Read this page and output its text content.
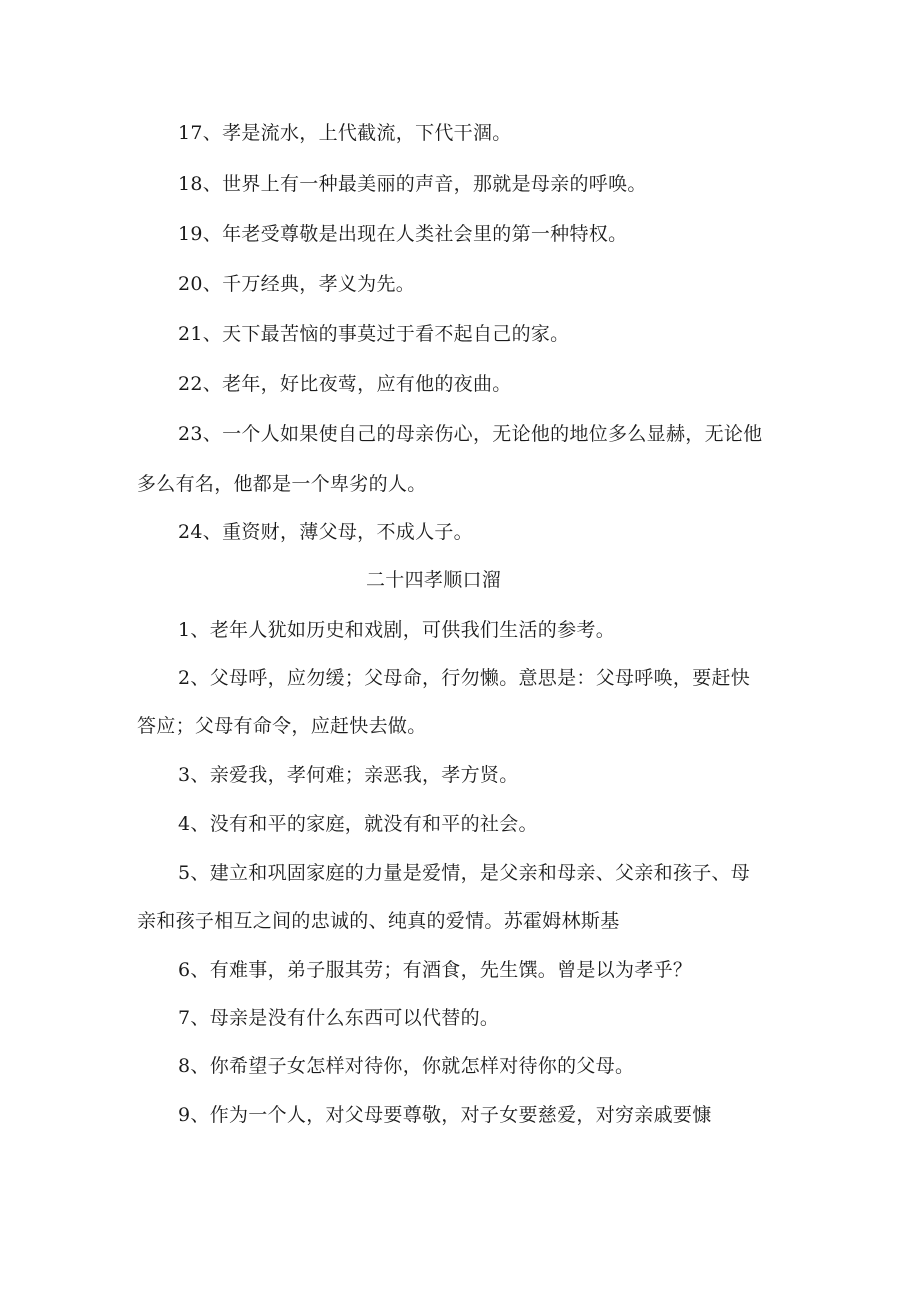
17、孝是流水，上代截流，下代干涸。
18、世界上有一种最美丽的声音，那就是母亲的呼唤。
19、年老受尊敬是出现在人类社会里的第一种特权。
20、千万经典，孝义为先。
21、天下最苦恼的事莫过于看不起自己的家。
22、老年，好比夜莺，应有他的夜曲。
23、一个人如果使自己的母亲伤心，无论他的地位多么显赫，无论他
多么有名，他都是一个卑劣的人。
24、重资财，薄父母，不成人子。
二十四孝顺口溜
1、老年人犹如历史和戏剧，可供我们生活的参考。
2、父母呼，应勿缓；父母命，行勿懒。意思是：父母呼唤，要赶快
答应；父母有命令，应赶快去做。
3、亲爱我，孝何难；亲恶我，孝方贤。
4、没有和平的家庭，就没有和平的社会。
5、建立和巩固家庭的力量是爱情，是父亲和母亲、父亲和孩子、母
亲和孩子相互之间的忠诚的、纯真的爱情。苏霍姆林斯基
6、有难事，弟子服其劳；有酒食，先生馔。曾是以为孝乎？
7、母亲是没有什么东西可以代替的。
8、你希望子女怎样对待你，你就怎样对待你的父母。
9、作为一个人，对父母要尊敬，对子女要慈爱，对穷亲戚要慷
